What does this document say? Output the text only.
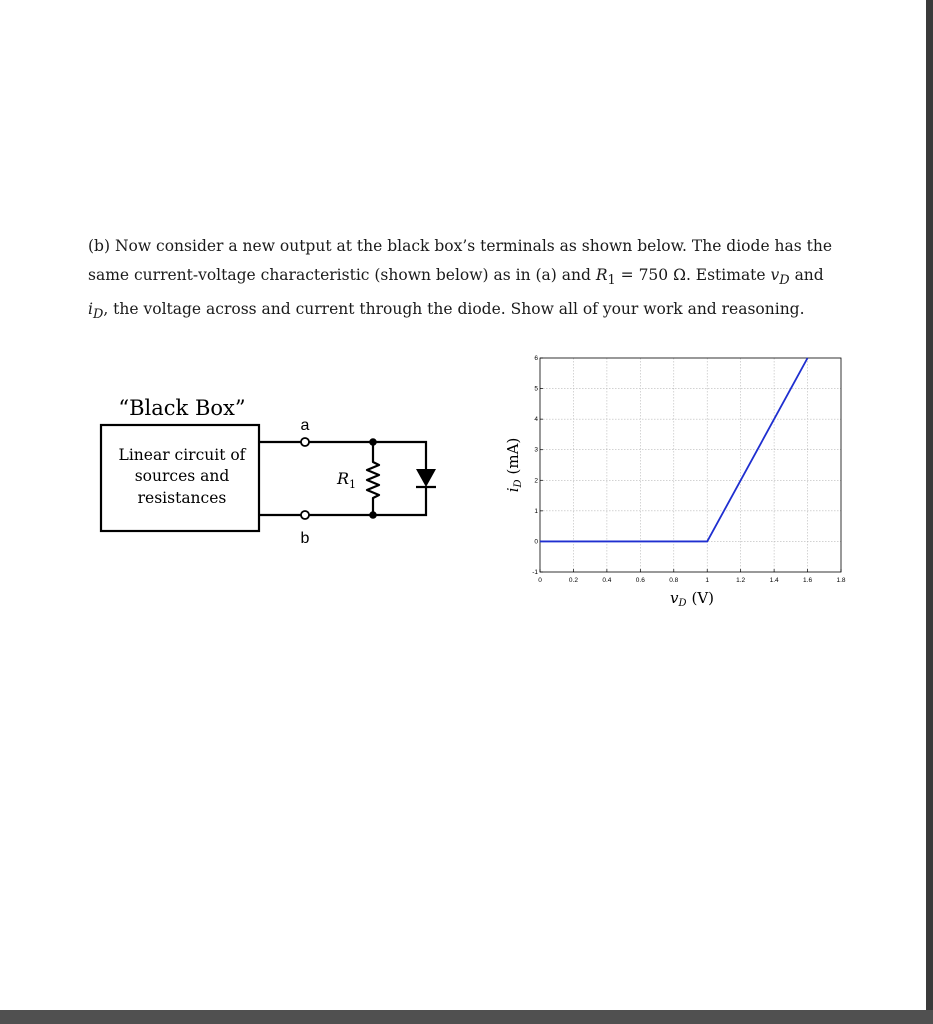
(b) Now consider a new output at the black box’s terminals as shown below. The diode has the

same current-voltage characteristic (shown below) as in (a) and $R_1 = 750$ Ω. Estimate $v_D$ and

$i_D$, the voltage across and current through the diode. Show all of your work and reasoning.

“Black Box”
Linear circuit of
sources and
resistances
a
b
$R_1$
0	0.2	0.4	0.6	0.8	1	1.2	1.4	1.6	1.8
-1
0
1
2
3
4
5
6
$v_D$ (V)
$i_D(mA)$
